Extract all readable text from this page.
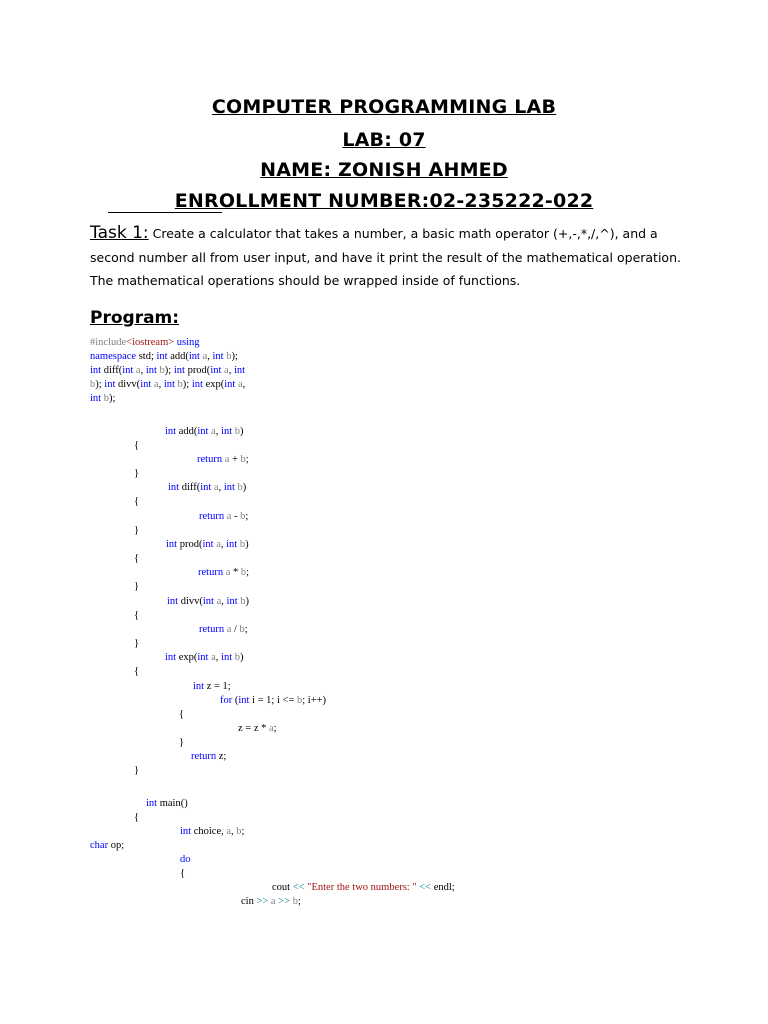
COMPUTER PROGRAMMING LAB
LAB: 07
NAME: ZONISH AHMED
ENROLLMENT NUMBER:02-235222-022
Task 1: Create a calculator that takes a number, a basic math operator (+,-,*,/,^), and a
second number all from user input, and have it print the result of the mathematical operation.
The mathematical operations should be wrapped inside of functions.
Program:
#include<iostream> using
namespace std; int add(int a, int b);
int diff(int a, int b); int prod(int a, int
b); int divv(int a, int b); int exp(int a,
int b);
int add(int a, int b)
{
return a + b;
}
int diff(int a, int b)
{
return a - b;
}
int prod(int a, int b)
{
return a * b;
}
int divv(int a, int b)
{
return a / b;
}
int exp(int a, int b)
{
int z = 1;
for (int i = 1; i <= b; i++)
{
z = z * a;
}
return z;
}
int main()
{
int choice, a, b;
char op;
do
{
cout << "Enter the two numbers: " << endl;
cin >> a >> b;
